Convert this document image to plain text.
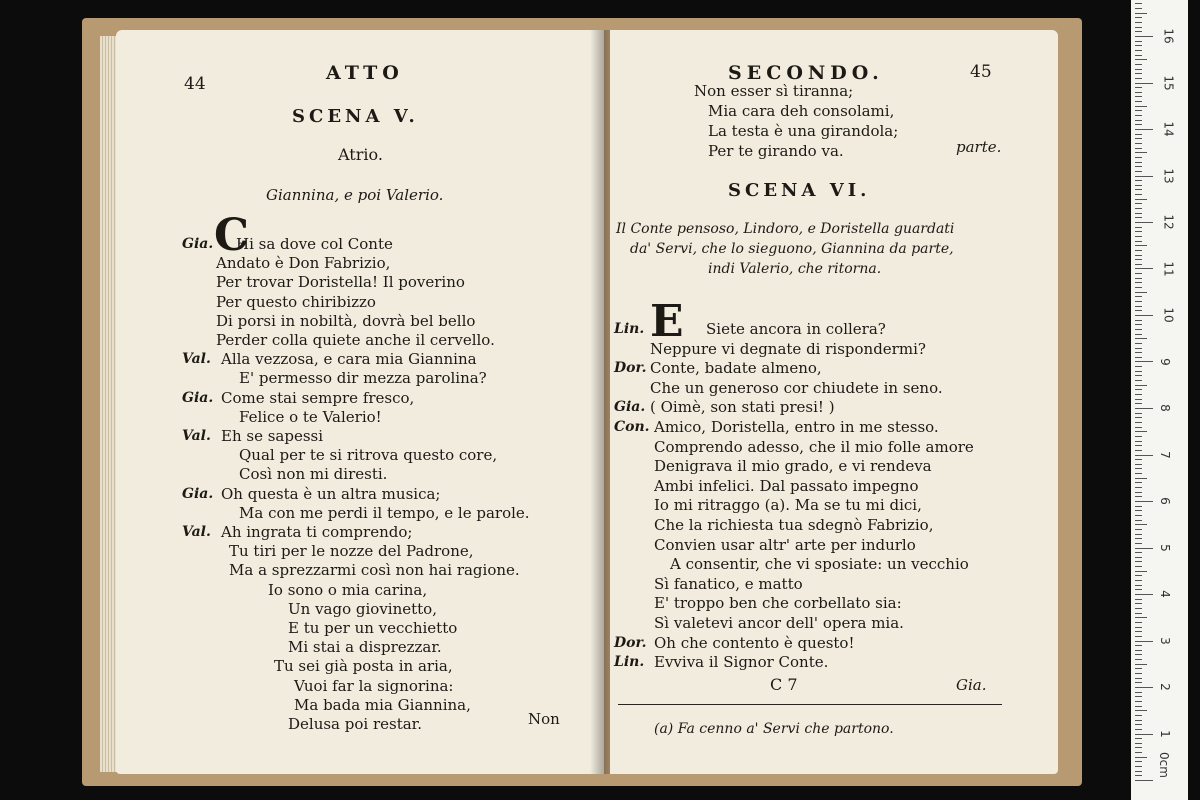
44	ATTO
SCENA V.
Atrio.
Giannina, e poi Valerio.
C
Gia. Hi sa dove col Conte
Andato è Don Fabrizio,
Per trovar Doristella! Il poverino
Per questo chiribizzo
Di porsi in nobiltà, dovrà bel bello
Perder colla quiete anche il cervello.
Val. Alla vezzosa, e cara mia Giannina
E' permesso dir mezza parolina?
Gia. Come stai sempre fresco,
Felice o te Valerio!
Val. Eh se sapessi
Qual per te si ritrova questo core,
Così non mi diresti.
Gia. Oh questa è un altra musica;
Ma con me perdi il tempo, e le parole.
Val. Ah ingrata ti comprendo;
Tu tiri per le nozze del Padrone,
Ma a sprezzarmi così non hai ragione.
Io sono o mia carina,
Un vago giovinetto,
E tu per un vecchietto
Mi stai a disprezzar.
Tu sei già posta in aria,
Vuoi far la signorina:
Ma bada mia Giannina,
Delusa poi restar.	Non
SECONDO.	45
Non esser sì tiranna;
Mia cara deh consolami,
La testa è una girandola;
Per te girando va.	parte.
SCENA VI.
Il Conte pensoso, Lindoro, e Doristella guardati
da' Servi, che lo sieguono, Giannina da parte,
indi Valerio, che ritorna.
E
Lin.	Siete ancora in collera?
Neppure vi degnate di rispondermi?
Dor. Conte, badate almeno,
Che un generoso cor chiudete in seno.
Gia. ( Oimè, son stati presi! )
Con. Amico, Doristella, entro in me stesso.
Comprendo adesso, che il mio folle amore
Denigrava il mio grado, e vi rendeva
Ambi infelici. Dal passato impegno
Io mi ritraggo (a). Ma se tu mi dici,
Che la richiesta tua sdegnò Fabrizio,
Convien usar altr' arte per indurlo
A consentir, che vi sposiate: un vecchio
Sì fanatico, e matto
E' troppo ben che corbellato sia:
Sì valetevi ancor dell' opera mia.
Dor. Oh che contento è questo!
Lin. Evviva il Signor Conte.
C 7	Gia.
(a) Fa cenno a' Servi che partono.
0cm
1
2
3
4
5
6
7
8
9
10
11
12
13
14
15
16
